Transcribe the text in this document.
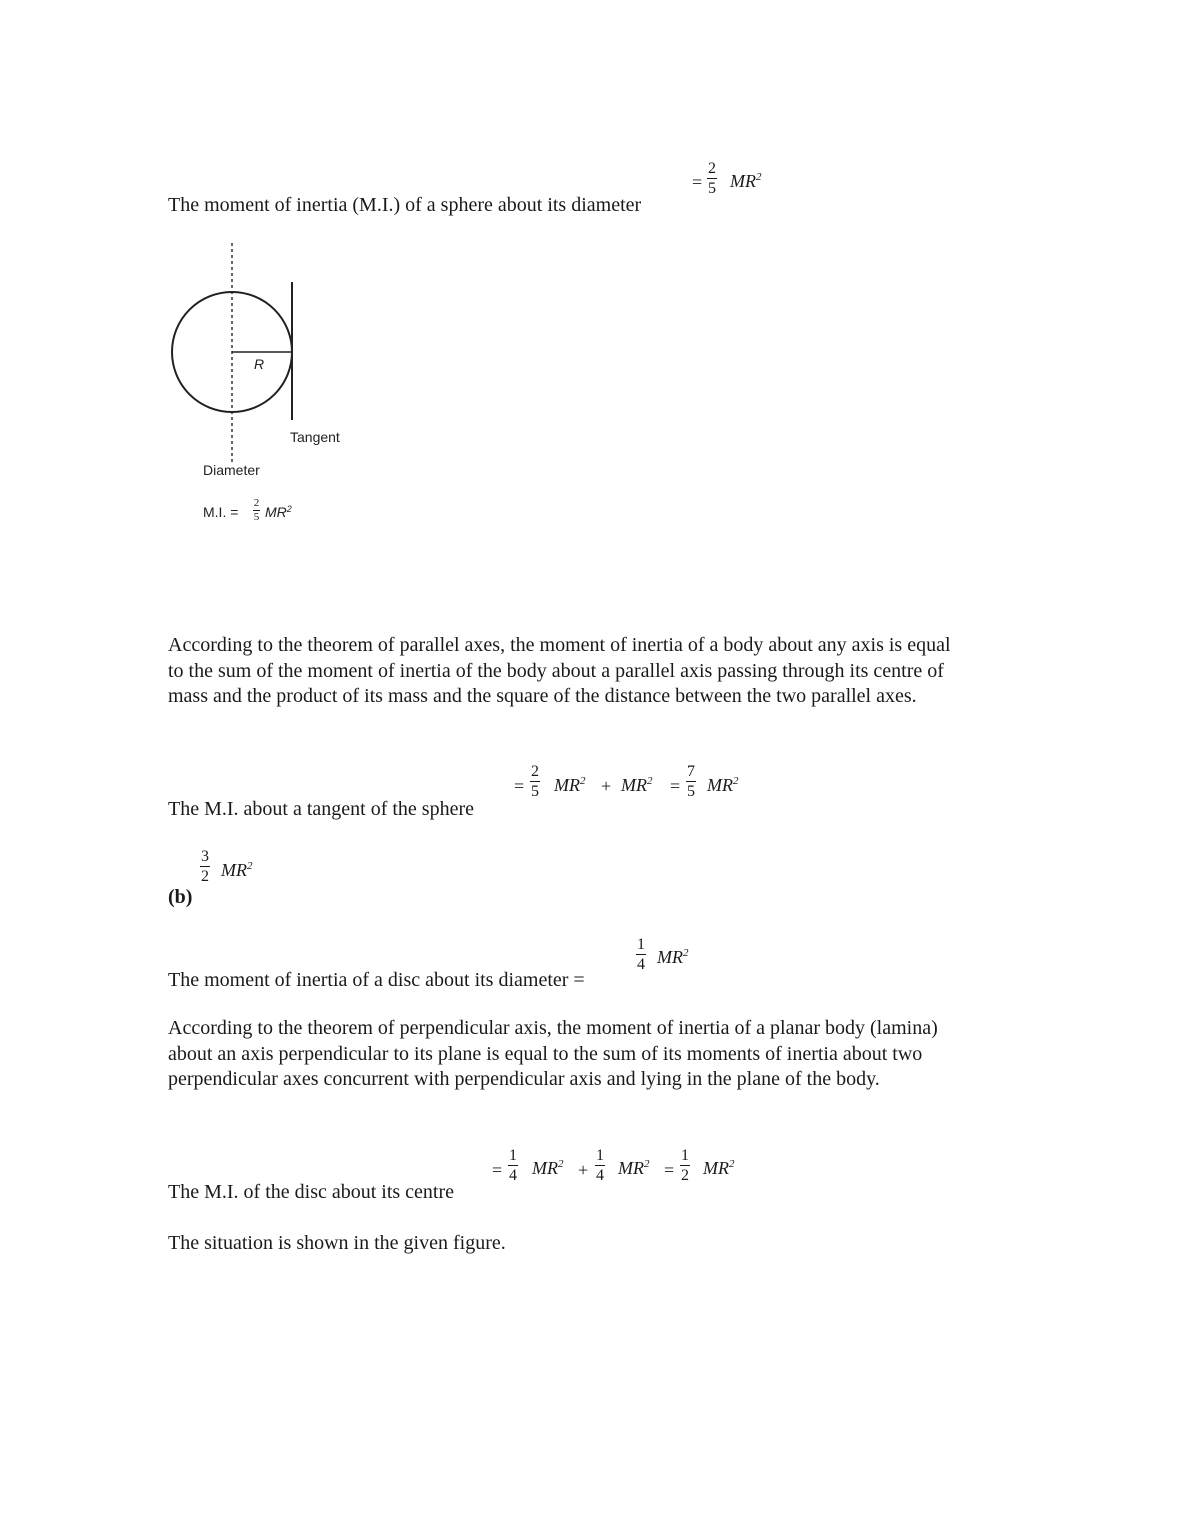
The moment of inertia (M.I.) of a sphere about its diameter
=
2
5 $MR^2$
R
Tangent
Diameter
M.I. =
2
5 $MR^2$
According to the theorem of parallel axes, the moment of inertia of a body about any axis is equal to the sum of the moment of inertia of the body about a parallel axis passing through its centre of mass and the product of its mass and the square of the distance between the two parallel axes.
The M.I. about a tangent of the sphere
=
2
5 $MR^2 + MR^2$ =
7
5 $MR^2$
3
2 $MR^2$
(b)
The moment of inertia of a disc about its diameter =
1
4 $MR^2$
According to the theorem of perpendicular axis, the moment of inertia of a planar body (lamina) about an axis perpendicular to its plane is equal to the sum of its moments of inertia about two perpendicular axes concurrent with perpendicular axis and lying in the plane of the body.
The M.I. of the disc about its centre
=
1
4 $MR^2$ +
1
4 $MR^2$ =
1
2 $MR^2$
The situation is shown in the given figure.
